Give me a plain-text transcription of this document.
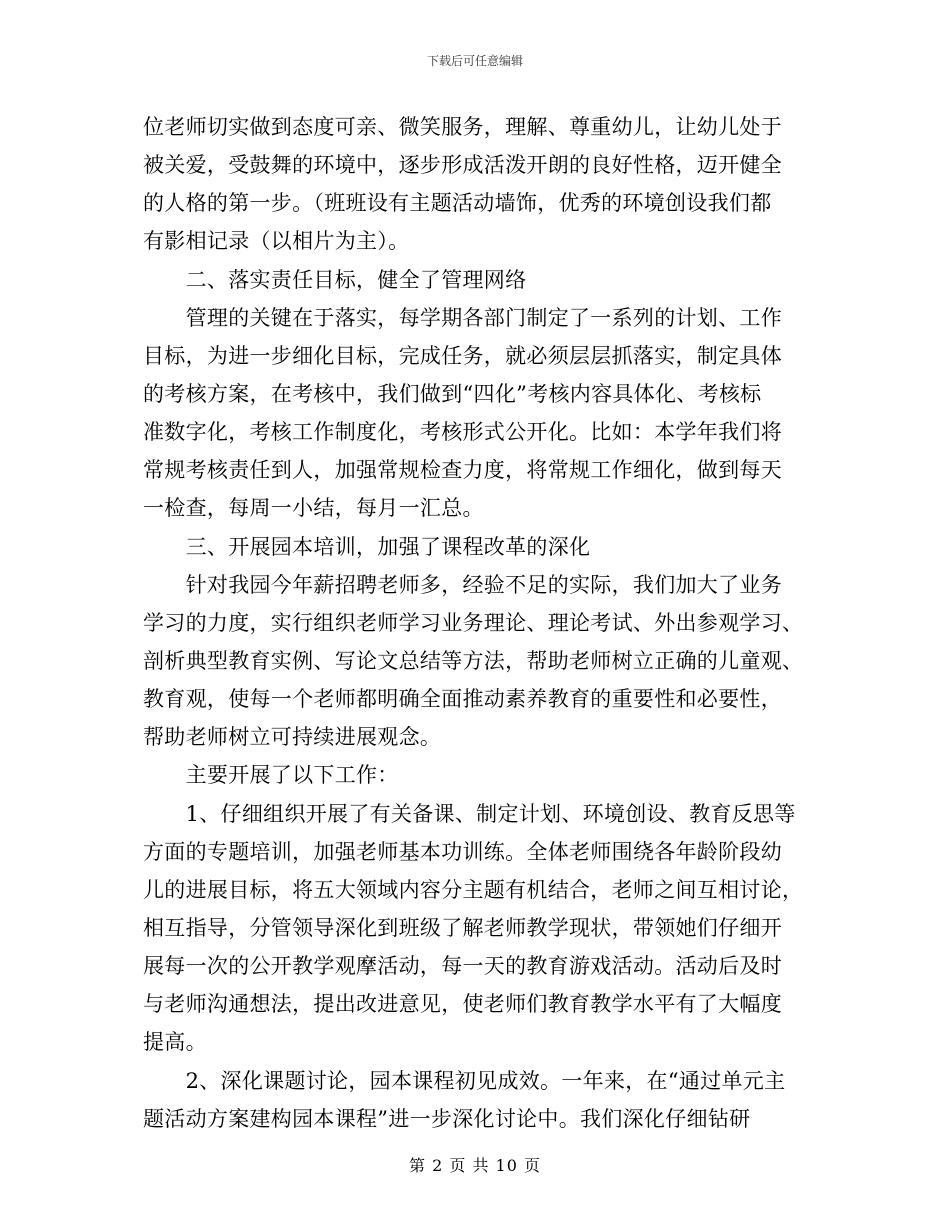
下载后可任意编辑
位老师切实做到态度可亲、微笑服务，理解、尊重幼儿，让幼儿处于
被关爱，受鼓舞的环境中，逐步形成活泼开朗的良好性格，迈开健全
的人格的第一步。（班班设有主题活动墙饰，优秀的环境创设我们都
有影相记录（以相片为主）。
　　二、落实责任目标，健全了管理网络
　　管理的关键在于落实，每学期各部门制定了一系列的计划、工作
目标，为进一步细化目标，完成任务，就必须层层抓落实，制定具体
的考核方案，在考核中，我们做到“四化”考核内容具体化、考核标
准数字化，考核工作制度化，考核形式公开化。比如：本学年我们将
常规考核责任到人，加强常规检查力度，将常规工作细化，做到每天
一检查，每周一小结，每月一汇总。
　　三、开展园本培训，加强了课程改革的深化
　　针对我园今年薪招聘老师多，经验不足的实际，我们加大了业务
学习的力度，实行组织老师学习业务理论、理论考试、外出参观学习、
剖析典型教育实例、写论文总结等方法，帮助老师树立正确的儿童观、
教育观，使每一个老师都明确全面推动素养教育的重要性和必要性，
帮助老师树立可持续进展观念。
　　主要开展了以下工作：
　　1、仔细组织开展了有关备课、制定计划、环境创设、教育反思等
方面的专题培训，加强老师基本功训练。全体老师围绕各年龄阶段幼
儿的进展目标，将五大领域内容分主题有机结合，老师之间互相讨论，
相互指导，分管领导深化到班级了解老师教学现状，带领她们仔细开
展每一次的公开教学观摩活动，每一天的教育游戏活动。活动后及时
与老师沟通想法，提出改进意见，使老师们教育教学水平有了大幅度
提高。
　　2、深化课题讨论，园本课程初见成效。一年来，在“通过单元主
题活动方案建构园本课程”进一步深化讨论中。我们深化仔细钻研
第 2 页 共 10 页
